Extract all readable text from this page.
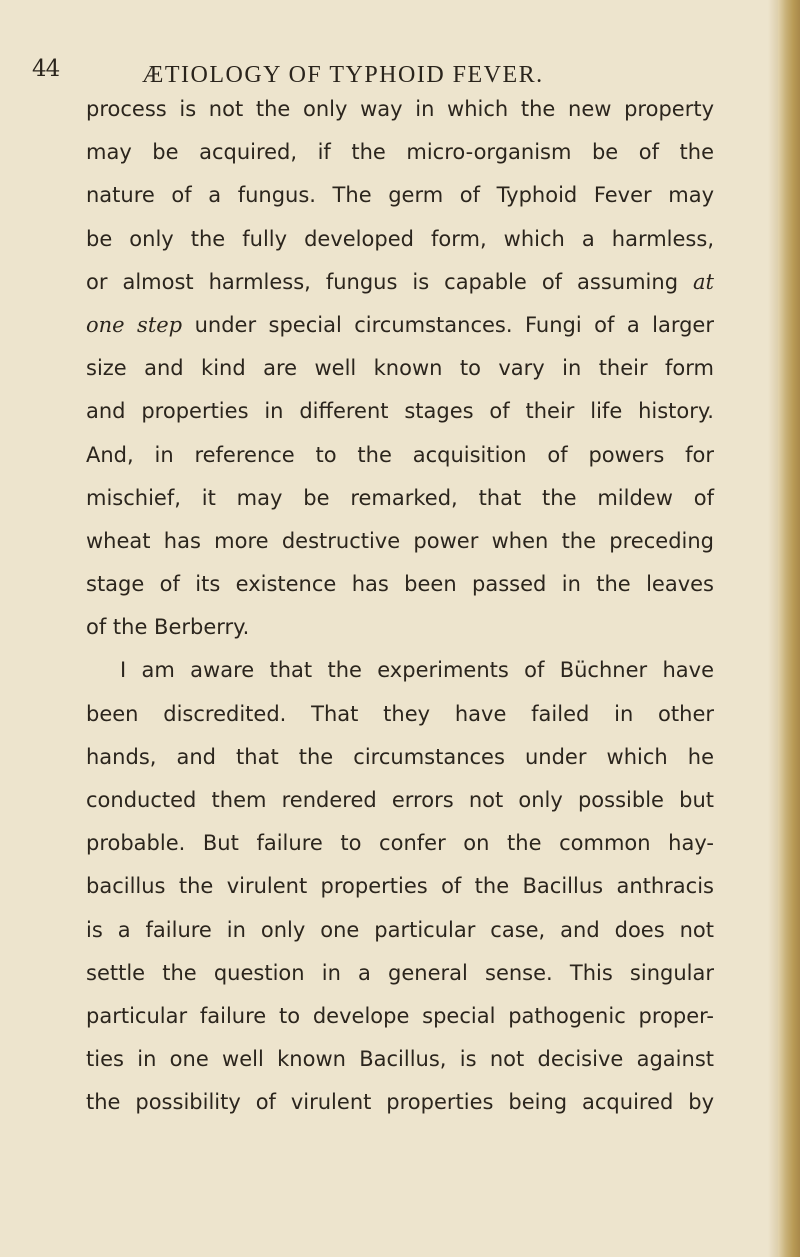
44	ÆTIOLOGY OF TYPHOID FEVER.
process is not the only way in which the new property
may be acquired, if the micro-organism be of the
nature of a fungus. The germ of Typhoid Fever may
be only the fully developed form, which a harmless,
or almost harmless, fungus is capable of assuming at
one step under special circumstances. Fungi of a larger
size and kind are well known to vary in their form
and properties in different stages of their life history.
And, in reference to the acquisition of powers for
mischief, it may be remarked, that the mildew of
wheat has more destructive power when the preceding
stage of its existence has been passed in the leaves
of the Berberry.
I am aware that the experiments of Büchner have
been discredited. That they have failed in other
hands, and that the circumstances under which he
conducted them rendered errors not only possible but
probable. But failure to confer on the common hay-
bacillus the virulent properties of the Bacillus anthracis
is a failure in only one particular case, and does not
settle the question in a general sense. This singular
particular failure to develope special pathogenic proper-
ties in one well known Bacillus, is not decisive against
the possibility of virulent properties being acquired by
